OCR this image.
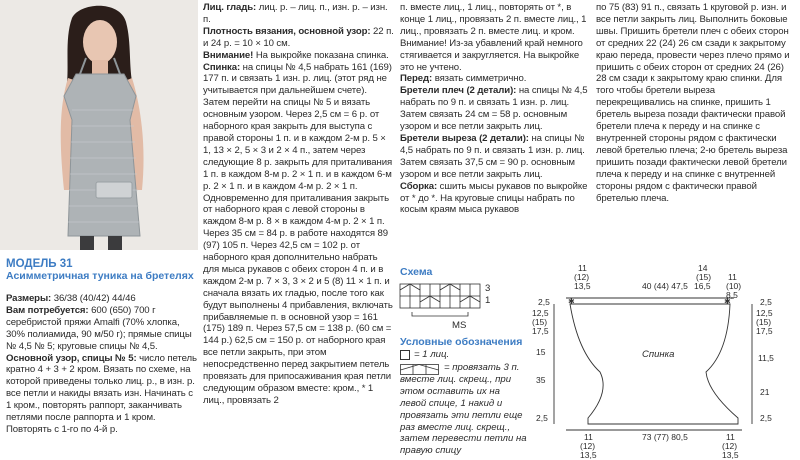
МОДЕЛЬ 31
Асимметричная туника на бретелях

Размеры: 36/38 (40/42) 44/46

Вам потребуется: 600 (650) 700 г серебристой пряжи Amalfi (70% хлопка, 30% полиамида, 90 м/50 г); прямые спицы № 4,5 № 5; круговые спицы № 4,5.

Основной узор, спицы № 5: число петель кратно 4 + 3 + 2 кром. Вязать по схеме, на которой приведены только лиц. р., в изн. р. все петли и накиды вязать изн. Начинать с 1 кром., повторять раппорт, заканчивать петлями после раппорта и 1 кром. Повторять с 1-го по 4-й р.

Лиц. гладь: лиц. р. – лиц. п., изн. р. – изн. п.

Плотность вязания, основной узор: 22 п. и 24 р. = 10 × 10 см.

Внимание! На выкройке показана спинка.

Спинка: на спицы № 4,5 набрать 161 (169) 177 п. и связать 1 изн. р. лиц. (этот ряд не учитывается при дальнейшем счете). Затем перейти на спицы № 5 и вязать основным узором. Через 2,5 см = 6 р. от наборного края закрыть для выступа с правой стороны 1 п. и в каждом 2-м р. 5 × 1, 13 × 2, 5 × 3 и 2 × 4 п., затем через следующие 8 р. закрыть для приталивания 1 п. в каждом 8-м р. 2 × 1 п. и в каждом 6-м р. 2 × 1 п. и в каждом 4-м р. 2 × 1 п. Одновременно для приталивания закрыть от наборного края с левой стороны в каждом 8-м р. 8 × в каждом 4-м р. 2 × 1 п. Через 35 см = 84 р. в работе находятся 89 (97) 105 п. Через 42,5 см = 102 р. от наборного края дополнительно набрать для мыса рукавов с обеих сторон 4 п. и в каждом 2-м р. 7 × 3, 3 × 2 и 5 (8) 11 × 1 п. и сначала вязать их гладью, после того как будут выполнены 4 прибавления, включать прибавляемые п. в основной узор = 161 (175) 189 п. Через 57,5 см = 138 р. (60 см = 144 р.) 62,5 см = 150 р. от наборного края все петли закрыть, при этом непосредственно перед закрытием петель провязать для припосаживания края петли следующим образом вместе: кром., * 1 лиц., провязать 2

п. вместе лиц., 1 лиц., повторять от *, в конце 1 лиц., провязать 2 п. вместе лиц., 1 лиц., провязать 2 п. вместе лиц. и кром. Внимание! Из-за убавлений край немного стягивается и закругляется. На выкройке это не учтено.

Перед: вязать симметрично.

Бретели плеч (2 детали): на спицы № 4,5 набрать по 9 п. и связать 1 изн. р. лиц. Затем связать 24 см = 58 р. основным узором и все петли закрыть лиц.

Бретели выреза (2 детали): на спицы № 4,5 набрать по 9 п. и связать 1 изн. р. лиц. Затем связать 37,5 см = 90 р. основным узором и все петли закрыть лиц.

Сборка: сшить мысы рукавов по выкройке от * до *. На круговые спицы набрать по косым краям мыса рукавов

по 75 (83) 91 п., связать 1 круговой р. изн. и все петли закрыть лиц. Выполнить боковые швы. Пришить бретели плеч с обеих сторон от средних 22 (24) 26 см сзади к закрытому краю переда, провести через плечо прямо и пришить с обеих сторон от средних 24 (26) 28 см сзади к закрытому краю спинки. Для того чтобы бретели выреза перекрещивались на спинке, пришить 1 бретель выреза позади фактически правой бретели плеча к переду и на спинке с внутренней стороны рядом с фактически левой бретелью плеча; 2-ю бретель выреза пришить позади фактически левой бретели плеча к переду и на спинке с внутренней стороны рядом с фактически правой бретелью плеча.

Схема
3
1
MS
Условные обозначения
= 1 лиц.
= провязать 3 п. вместе лиц. скрещ., при этом оставить их на левой спице, 1 накид и провязать эти петли еще раз вместе лиц. скрещ., затем перевести петли на правую спицу
✱	✱
11
(12)
13,5	40 (44) 47,5
14
(15)
16,5
11
(10)
8,5
2,5
12,5
(15)
17,5
15
35
2,5
2,5
12,5
(15)
17,5
11,5
21
2,5
Спинка
11
(12)
13,5
73 (77) 80,5	11
(12)
13,5
